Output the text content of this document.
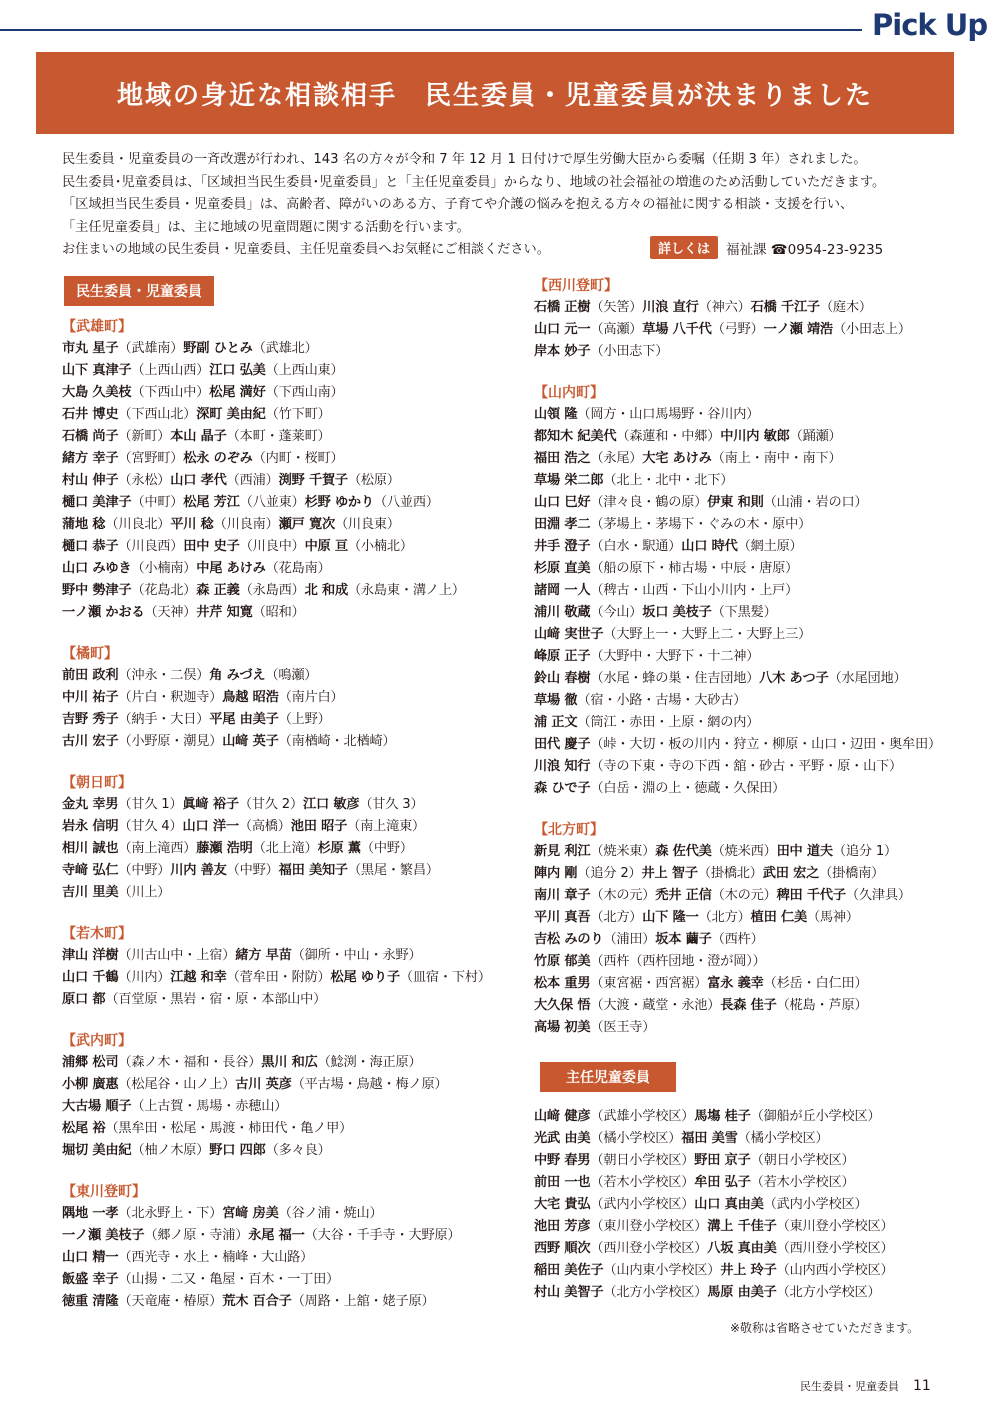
Pick Up
地域の身近な相談相手　民生委員・児童委員が決まりました

民生委員・児童委員の一斉改選が行われ、143 名の方々が令和 7 年 12 月 1 日付けで厚生労働大臣から委嘱（任期 3 年）されました。

民生委員･児童委員は、「区域担当民生委員･児童委員」と「主任児童委員」からなり、地域の社会福祉の増進のため活動していただきます。

「区域担当民生委員・児童委員」は、高齢者、障がいのある方、子育てや介護の悩みを抱える方々の福祉に関する相談・支援を行い、

「主任児童委員」は、主に地域の児童問題に関する活動を行います。

お住まいの地域の民生委員・児童委員、主任児童委員へお気軽にご相談ください。	詳しくは	福祉課 ☎0954-23-9235
民生委員・児童委員
【武雄町】
市丸 星子（武雄南）野副 ひとみ（武雄北）
山下 真津子（上西山西）江口 弘美（上西山東）
大島 久美枝（下西山中）松尾 満好（下西山南）
石井 博史（下西山北）深町 美由紀（竹下町）
石橋 尚子（新町）本山 晶子（本町・蓬莱町）
緒方 幸子（宮野町）松永 のぞみ（内町・桜町）
村山 伸子（永松）山口 孝代（西浦）渕野 千賀子（松原）
樋口 美津子（中町）松尾 芳江（八並東）杉野 ゆかり（八並西）
蒲地 稔（川良北）平川 稔（川良南）瀬戸 寛次（川良東）
樋口 恭子（川良西）田中 史子（川良中）中原 亘（小楠北）
山口 みゆき（小楠南）中尾 あけみ（花島南）
野中 勢津子（花島北）森 正義（永島西）北 和成（永島東・溝ノ上）
一ノ瀬 かおる（天神）井芹 知寛（昭和）
【橘町】
前田 政利（沖永・二俣）角 みづえ（鳴瀬）
中川 祐子（片白・釈迦寺）鳥越 昭浩（南片白）
吉野 秀子（納手・大日）平尾 由美子（上野）
古川 宏子（小野原・潮見）山﨑 英子（南楢崎・北楢崎）
【朝日町】
金丸 幸男（甘久 1）眞﨑 裕子（甘久 2）江口 敏彦（甘久 3）
岩永 信明（甘久 4）山口 洋一（高橋）池田 昭子（南上滝東）
相川 誠也（南上滝西）藤瀬 浩明（北上滝）杉原 薫（中野）
寺﨑 弘仁（中野）川内 善友（中野）福田 美知子（黒尾・繁昌）
吉川 里美（川上）
【若木町】
津山 洋樹（川古山中・上宿）緒方 早苗（御所・中山・永野）
山口 千鶴（川内）江越 和幸（菅牟田・附防）松尾 ゆり子（皿宿・下村）
原口 都（百堂原・黒岩・宿・原・本部山中）
【武内町】
浦郷 松司（森ノ木・福和・長谷）黒川 和広（鯰渕・海正原）
小柳 廣惠（松尾谷・山ノ上）古川 英彦（平古場・鳥越・梅ノ原）
大古場 順子（上古賀・馬場・赤穂山）
松尾 裕（黒牟田・松尾・馬渡・柿田代・亀ノ甲）
堀切 美由紀（柚ノ木原）野口 四郎（多々良）
【東川登町】
隅地 一孝（北永野上・下）宮﨑 房美（谷ノ浦・焼山）
一ノ瀬 美枝子（郷ノ原・寺浦）永尾 福一（大谷・千手寺・大野原）
山口 精一（西光寺・水上・楠峰・大山路）
飯盛 幸子（山揚・二又・亀屋・百木・一丁田）
徳重 清隆（天竜庵・椿原）荒木 百合子（周路・上舘・姥子原）
【西川登町】
石橋 正樹（矢筈）川浪 直行（神六）石橋 千江子（庭木）
山口 元一（高瀬）草場 八千代（弓野）一ノ瀬 靖浩（小田志上）
岸本 妙子（小田志下）
【山内町】
山領 隆（岡方・山口馬場野・谷川内）
都知木 紀美代（森蓮和・中郷）中川内 敏郎（踊瀬）
福田 浩之（永尾）大宅 あけみ（南上・南中・南下）
草場 栄二郎（北上・北中・北下）
山口 巳好（津々良・鶴の原）伊東 和則（山浦・岩の口）
田淵 孝二（茅場上・茅場下・ぐみの木・原中）
井手 澄子（白水・駅通）山口 時代（網土原）
杉原 直美（船の原下・柿古場・中辰・唐原）
諸岡 一人（稗古・山西・下山小川内・上戸）
浦川 敬蔵（今山）坂口 美枝子（下黒髪）
山﨑 実世子（大野上一・大野上二・大野上三）
峰原 正子（大野中・大野下・十二神）
鈴山 春樹（水尾・蜂の巣・住吉団地）八木 あつ子（水尾団地）
草場 徹（宿・小路・古場・大砂古）
浦 正文（筒江・赤田・上原・網の内）
田代 慶子（峠・大切・板の川内・狩立・柳原・山口・辺田・奥牟田）
川浪 知行（寺の下東・寺の下西・舘・砂古・平野・原・山下）
森 ひで子（白岳・淵の上・徳蔵・久保田）
【北方町】
新見 利江（焼米東）森 佐代美（焼米西）田中 道夫（追分 1）
陣内 剛（追分 2）井上 智子（掛橋北）武田 宏之（掛橋南）
南川 章子（木の元）禿井 正信（木の元）稗田 千代子（久津具）
平川 真吾（北方）山下 隆一（北方）植田 仁美（馬神）
吉松 みのり（浦田）坂本 繭子（西杵）
竹原 郁美（西杵（西杵団地・澄が岡））
松本 重男（東宮裾・西宮裾）富永 義幸（杉岳・白仁田）
大久保 悟（大渡・蔵堂・永池）長森 佳子（椛島・芦原）
高場 初美（医王寺）
主任児童委員
山﨑 健彦（武雄小学校区）馬塲 桂子（御船が丘小学校区）
光武 由美（橘小学校区）福田 美雪（橘小学校区）
中野 春男（朝日小学校区）野田 京子（朝日小学校区）
前田 一也（若木小学校区）牟田 弘子（若木小学校区）
大宅 貴弘（武内小学校区）山口 真由美（武内小学校区）
池田 芳彦（東川登小学校区）溝上 千佳子（東川登小学校区）
西野 順次（西川登小学校区）八坂 真由美（西川登小学校区）
稲田 美佐子（山内東小学校区）井上 玲子（山内西小学校区）
村山 美智子（北方小学校区）馬原 由美子（北方小学校区）
※敬称は省略させていただきます。
民生委員・児童委員 11
